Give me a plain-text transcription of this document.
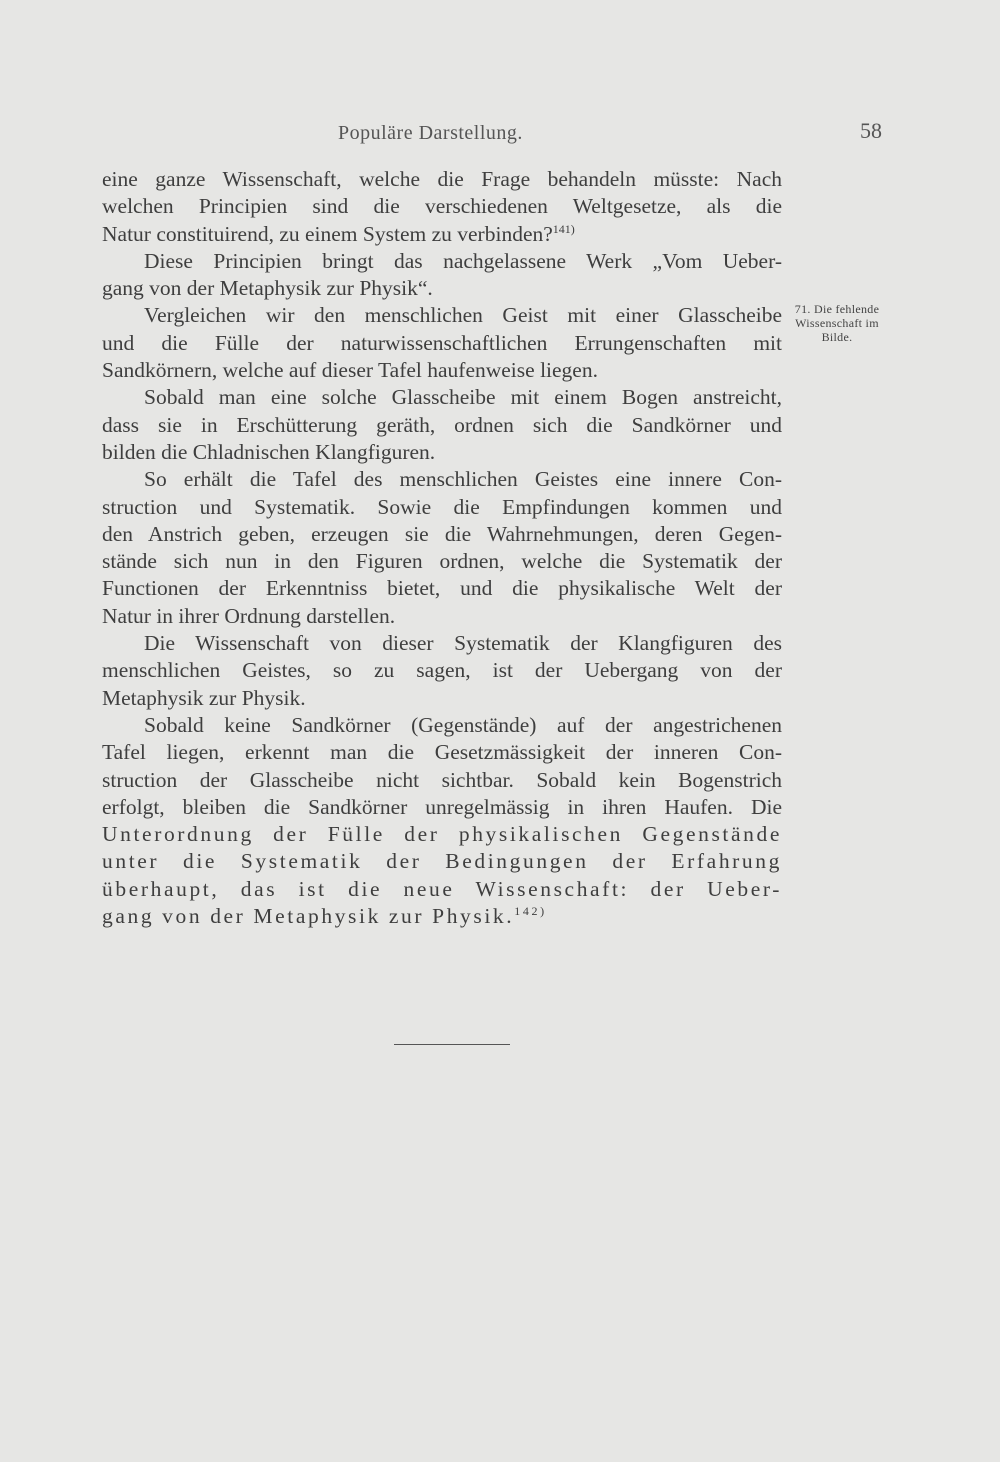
Populäre Darstellung.	58
eine ganze Wissenschaft, welche die Frage behandeln müsste: Nach
welchen Principien sind die verschiedenen Weltgesetze, als die
Natur constituirend, zu einem System zu verbinden?$^{141)}$
Diese Principien bringt das nachgelassene Werk „Vom Ueber-
gang von der Metaphysik zur Physik“.
Vergleichen wir den menschlichen Geist mit einer Glasscheibe
und die Fülle der naturwissenschaftlichen Errungenschaften mit
Sandkörnern, welche auf dieser Tafel haufenweise liegen.
Sobald man eine solche Glasscheibe mit einem Bogen anstreicht,
dass sie in Erschütterung geräth, ordnen sich die Sandkörner und
bilden die Chladnischen Klangfiguren.
So erhält die Tafel des menschlichen Geistes eine innere Con-
struction und Systematik. Sowie die Empfindungen kommen und
den Anstrich geben, erzeugen sie die Wahrnehmungen, deren Gegen-
stände sich nun in den Figuren ordnen, welche die Systematik der
Functionen der Erkenntniss bietet, und die physikalische Welt der
Natur in ihrer Ordnung darstellen.
Die Wissenschaft von dieser Systematik der Klangfiguren des
menschlichen Geistes, so zu sagen, ist der Uebergang von der
Metaphysik zur Physik.
Sobald keine Sandkörner (Gegenstände) auf der angestrichenen
Tafel liegen, erkennt man die Gesetzmässigkeit der inneren Con-
struction der Glasscheibe nicht sichtbar. Sobald kein Bogenstrich
erfolgt, bleiben die Sandkörner unregelmässig in ihren Haufen. Die
Unterordnung der Fülle der physikalischen Gegenstände
unter die Systematik der Bedingungen der Erfahrung
überhaupt, das ist die neue Wissenschaft: der Ueber-
gang von der Metaphysik zur Physik.$^{142)}$
71. Die fehlende
Wissenschaft im
Bilde.
